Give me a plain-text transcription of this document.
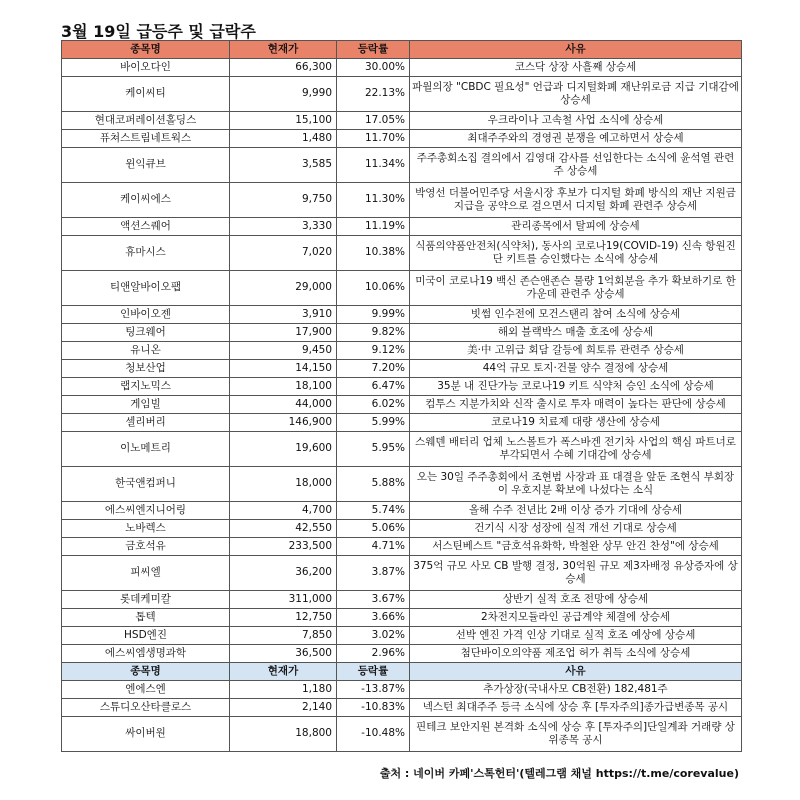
3월 19일 급등주 및 급락주
종목명	현재가	등락률	사유
바이오다인	66,300	30.00%	코스닥 상장 사흘째 상승세
케이씨티	9,990	22.13%	파월의장 "CBDC 필요성" 언급과 디지털화폐 재난위로금 지급 기대감에 상승세
현대코퍼레이션홀딩스	15,100	17.05%	우크라이나 고속철 사업 소식에 상승세
퓨쳐스트림네트웍스	1,480	11.70%	최대주주와의 경영권 분쟁을 예고하면서 상승세
윈익큐브	3,585	11.34%	주주총회소집 결의에서 김영대 감사를 선임한다는 소식에 윤석열 관련주 상승세
케이씨에스	9,750	11.30%	박영선 더불어민주당 서울시장 후보가 디지털 화폐 방식의 재난 지원금 지급을 공약으로 걸으면서 디지털 화폐 관련주 상승세
액션스퀘어	3,330	11.19%	관리종목에서 탈피에 상승세
휴마시스	7,020	10.38%	식품의약품안전처(식약처), 동사의 코로나19(COVID-19) 신속 항원진단 키트를 승인했다는 소식에 상승세
티앤알바이오팹	29,000	10.06%	미국이 코로나19 백신 존슨앤존슨 물량 1억회분을 추가 확보하기로 한 가운데 관련주 상승세
인바이오젠	3,910	9.99%	빗썸 인수전에 모건스탠리 참여 소식에 상승세
팅크웨어	17,900	9.82%	해외 블랙박스 매출 호조에 상승세
유니온	9,450	9.12%	美·中 고위급 회담 갈등에 희토류 관련주 상승세
청보산업	14,150	7.20%	44억 규모 토지·건물 양수 결정에 상승세
랩지노믹스	18,100	6.47%	35분 내 진단가능 코로나19 키트 식약처 승인 소식에 상승세
게임빌	44,000	6.02%	컴투스 지분가치와 신작 출시로 투자 매력이 높다는 판단에 상승세
셀리버리	146,900	5.99%	코로나19 치료제 대량 생산에 상승세
이노메트리	19,600	5.95%	스웨덴 배터리 업체 노스볼트가 폭스바겐 전기차 사업의 핵심 파트너로 부각되면서 수혜 기대감에 상승세
한국앤컴퍼니	18,000	5.88%	오는 30일 주주총회에서 조현범 사장과 표 대결을 앞둔 조현식 부회장이 우호지분 확보에 나섰다는 소식
에스씨엔지니어링	4,700	5.74%	올해 수주 전년比 2배 이상 증가 기대에 상승세
노바렉스	42,550	5.06%	건기식 시장 성장에 실적 개선 기대로 상승세
금호석유	233,500	4.71%	서스틴베스트 "금호석유화학, 박철완 상무 안건 찬성"에 상승세
피씨엘	36,200	3.87%	375억 규모 사모 CB 발행 결정, 30억원 규모 제3자배정 유상증자에 상승세
롯데케미칼	311,000	3.67%	상반기 실적 호조 전망에 상승세
톱텍	12,750	3.66%	2차전지모듈라인 공급계약 체결에 상승세
HSD엔진	7,850	3.02%	선박 엔진 가격 인상 기대로 실적 호조 예상에 상승세
에스씨엠생명과학	36,500	2.96%	첨단바이오의약품 제조업 허가 취득 소식에 상승세
종목명	현재가	등락률	사유
엔에스엔	1,180	-13.87%	추가상장(국내사모 CB전환) 182,481주
스튜디오산타클로스	2,140	-10.83%	넥스턴 최대주주 등극 소식에 상승 후 [투자주의]종가급변종목 공시
싸이버원	18,800	-10.48%	핀테크 보안지원 본격화 소식에 상승 후 [투자주의]단일계좌 거래량 상위종목 공시
출처 : 네이버 카페'스톡헌터'(텔레그램 채널 https://t.me/corevalue)
